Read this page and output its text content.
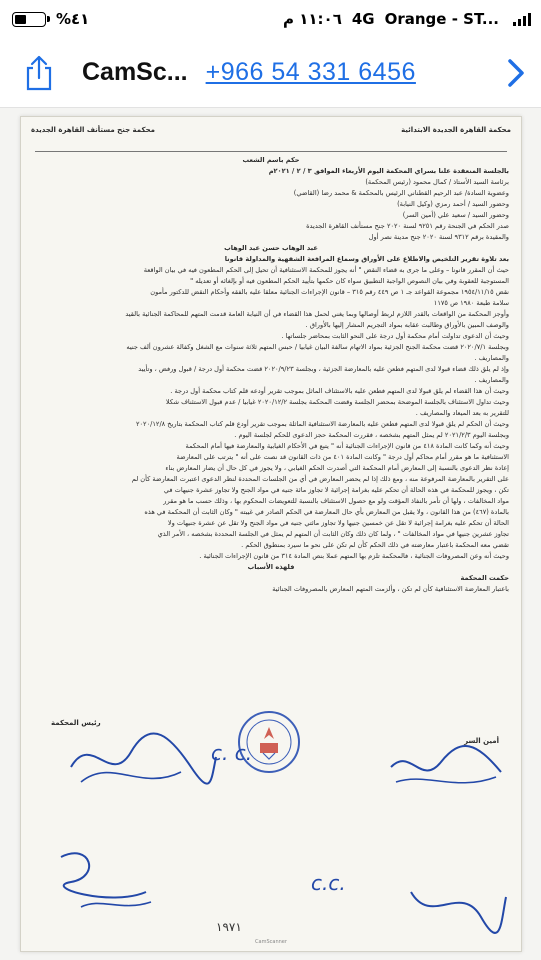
%٤١	١١:٠٦ م 4G Orange - ST...
CamSc... +966 54 331 6456
محكمة القاهرة الجديدة الابتدائية
محكمة جنح مستأنف القاهرة الجديدة
حكم باسم الشعب
بالجلسة المنعقدة علنا بسراي المحكمة اليوم الأربعاء الموافق ٣ / ٢ / ٢٠٢١م
برئاسة السيد الأستاذ / كمال محمود (رئيس المحكمة)
وعضوية السادة/ عبد الرحيم القطناني الرئيس بالمحكمة & محمد رضا (القاضي)
وحضور السيد / أحمد رمزي (وكيل النيابة)
وحضور السيد / سعيد علي (أمين السر)
صدر الحكم في الجنحة رقم ٩٢٥١ لسنة ٢٠٢٠ جنح مستأنف القاهرة الجديدة
والمقيدة برقم ٩٣١٢ لسنة ٢٠٢٠ جنح مدينة نصر أول
عبد الوهاب حسن عبد الوهاب
بعد تلاوة تقرير التلخيص والاطلاع على الأوراق وسماع المرافعة الشفهية والمداولة قانونا
حيث أن المقرر قانونا – وعلى ما جرى به قضاء النقض " أنه يجوز للمحكمة الاستئنافية أن تحيل إلى الحكم المطعون فيه في بيان الواقعة
المستوجبة للعقوبة وفي بيان النصوص الواجبة التطبيق سواء كان حكمها بتأييد الحكم المطعون فيه أو بإلغائه أو تعديله "
نقض ١٩٥٤/١١/١٥ مجموعة القواعد جـ ١ ص ٤٤٩ رقم ٣١٥ – قانون الإجراءات الجنائية معلقا عليه بالفقه وأحكام النقض للدكتور مأمون
سلامة طبعة ١٩٨٠ ص ١١٧٥
وأوجز المحكمة من الواقعات بالقدر اللازم لربط أوصالها وبما يغني لحمل هذا القضاء في أن النيابة العامة قدمت المتهم للمحاكمة الجنائية بالقيد
والوصف المبين بالأوراق وطالبت عقابه بمواد التجريم المشار إليها بالأوراق .
وحيث أن الدعوى تداولت أمام محكمة أول درجة على النحو الثابت بمحاضر جلساتها .
وبجلسة ٢٠٢٠/٧/١ قضت محكمة الجنح الجزئية بمواد الاتهام سالفة البيان غيابيا / حبس المتهم ثلاثة سنوات مع الشغل وكفالة عشرون ألف جنيه
والمصاريف .
وإذ لم يلق ذلك قضاء قبولا لدى المتهم فطعن عليه بالمعارضة الجزئية ، وبجلسة ٢٠٢٠/٩/٢٣ قضت محكمة أول درجة / قبول ورفض ، وتأييد
والمصاريف .
وحيث أن هذا القضاء لم يلق قبولا لدى المتهم فطعن عليه بالاستئناف الماثل بموجب تقرير أودعه قلم كتاب محكمة أول درجة .
وحيث تداول الاستئناف بالجلسة الموضحة بمحضر الجلسة وقضت المحكمة بجلسة ٢٠٢٠/١٢/٢ غيابيا / عدم قبول الاستئناف شكلا
للتقرير به بعد الميعاد والمصاريف .
وحيث أن الحكم لم يلق قبولا لدى المتهم فطعن عليه بالمعارضة الاستئنافية الماثلة بموجب تقرير أودع قلم كتاب المحكمة بتاريخ ٢٠٢٠/١٢/٨
وبجلسة اليوم ٢٠٢١/٢/٣ لم يمثل المتهم بشخصه ، فقررت المحكمة حجز الدعوى للحكم لجلسة اليوم .
وحيث أنه وكما كانت المادة ٤١٨ من قانون الإجراءات الجنائية أنه " يتبع في الأحكام الغيابية والمعارضة فيها أمام المحكمة
الاستئنافية ما هو مقرر أمام محاكم أول درجة " وكانت المادة ٤٠١ من ذات القانون قد نصت على أنه " يترتب على المعارضة
إعادة نظر الدعوى بالنسبة إلى المعارض أمام المحكمة التي أصدرت الحكم الغيابي ، ولا يجوز في كل حال أن يضار المعارض بناء
على التقرير بالمعارضة المرفوعة منه ، ومع ذلك إذا لم يحضر المعارض في أي من الجلسات المحددة لنظر الدعوى اعتبرت المعارضة كأن لم
تكن ، ويجوز للمحكمة في هذه الحالة أن تحكم عليه بغرامة إجرائية لا تجاوز مائة جنيه في مواد الجنح ولا تجاوز عشرة جنيهات في
مواد المخالفات ، ولها أن تأمر بالنفاذ المؤقت ولو مع حصول الاستئناف بالنسبة للتعويضات المحكوم بها ، وذلك حسب ما هو مقرر
بالمادة (٤٦٧) من هذا القانون ، ولا يقبل من المعارض بأي حال المعارضة في الحكم الصادر في غيبته " وكان الثابت أن المحكمة في هذه
الحالة أن تحكم عليه بغرامة إجرائية لا تقل عن خمسين جنيها ولا تجاوز مائتي جنيه في مواد الجنح ولا تقل عن عشرة جنيهات ولا
تجاوز عشرين جنيها في مواد المخالفات " ، ولما كان ذلك وكان الثابت أن المتهم لم يمثل في الجلسة المحددة بشخصه ، الأمر الذي
تقضي معه المحكمة باعتبار معارضته في ذلك الحكم كأن لم تكن على نحو ما سيرد بمنطوق الحكم .
وحيث أنه وعن المصروفات الجنائية ، فالمحكمة تلزم بها المتهم عملا بنص المادة ٣١٤ من قانون الإجراءات الجنائية .
فلهذه الأسباب
حكمت المحكمة
باعتبار المعارضة الاستئنافية كأن لم تكن ، وألزمت المتهم المعارض بالمصروفات الجنائية
رئيس المحكمة
أمين السر
c. c.
c.c.
١٩٧١
CamScanner
